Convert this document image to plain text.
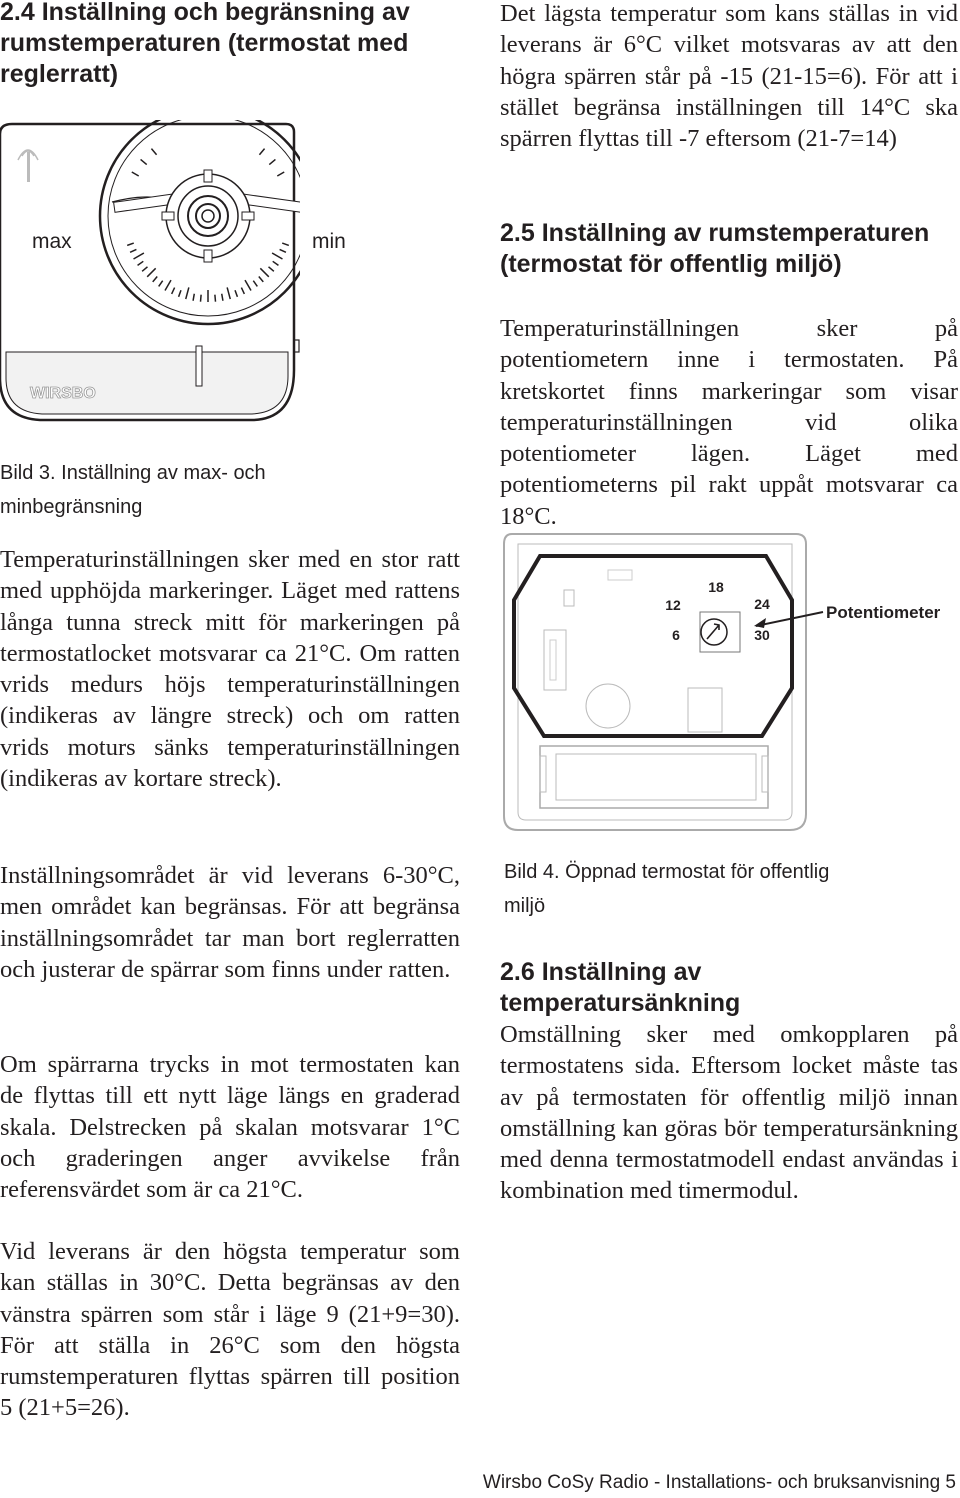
2.4 Inställning och begränsning av rumstemperaturen (termostat med reglerratt)
WIRSBO
max	min

Bild 3. Inställning av max- och

minbegränsning

Temperaturinställningen sker med en stor ratt med upphöjda markeringer. Läget med rattens långa tunna streck mitt för markeringen på termostatlocket motsvarar ca 21°C. Om ratten vrids medurs höjs temperaturinställningen (indikeras av längre streck) och om ratten vrids moturs sänks temperaturinställningen (indikeras av kortare streck).

Inställningsområdet är vid leverans 6-30°C, men området kan begränsas. För att begränsa inställningsområdet tar man bort reglerratten och justerar de spärrar som finns under ratten.

Om spärrarna trycks in mot termostaten kan de flyttas till ett nytt läge längs en graderad skala. Delstrecken på skalan motsvarar 1°C och graderingen anger avvikelse från referensvärdet som är ca 21°C.

Vid leverans är den högsta temperatur som kan ställas in 30°C. Detta begränsas av den vänstra spärren som står i läge 9 (21+9=30). För att ställa in 26°C som den högsta rumstemperaturen flyttas spärren till position 5 (21+5=26).

Det lägsta temperatur som kans ställas in vid leverans är 6°C vilket motsvaras av att den högra spärren står på -15 (21-15=6). För att i stället begränsa inställningen till 14°C ska spärren flyttas till -7 eftersom (21-7=14)

2.5 Inställning av rumstemperaturen (termostat för offentlig miljö)

Temperaturinställningen sker på potentiometern inne i termostaten. På kretskortet finns markeringar som visar temperaturinställningen vid olika potentiometer lägen. Läget med potentiometerns pil rakt uppåt motsvarar ca 18°C.

18
12	24
6	30
Potentiometer

Bild 4. Öppnad termostat för offentlig

miljö

2.6 Inställning av temperatursänkning

Omställning sker med omkopplaren på termostatens sida. Eftersom locket måste tas av på termostaten för offentlig miljö innan omställning kan göras bör temperatursänkning med denna termostatmodell endast användas i kombination med timermodul.

Wirsbo CoSy Radio - Installations- och bruksanvisning 5
